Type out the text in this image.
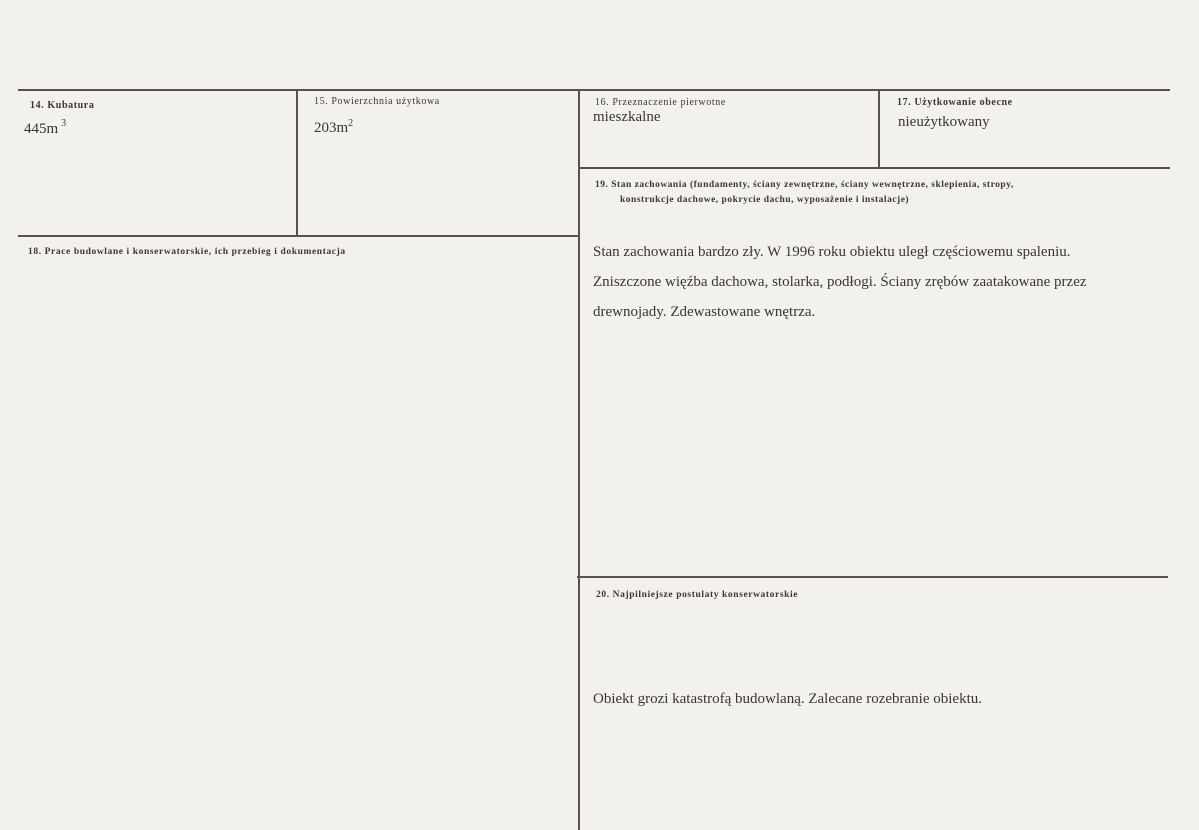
14. Kubatura
445m $^3$
15. Powierzchnia użytkowa
$203m^2$
16. Przeznaczenie pierwotne
mieszkalne
17. Użytkowanie obecne
nieużytkowany
18. Prace budowlane i konserwatorskie, ich przebieg i dokumentacja
19. Stan zachowania (fundamenty, ściany zewnętrzne, ściany wewnętrzne, sklepienia, stropy,
konstrukcje dachowe, pokrycie dachu, wyposażenie i instalacje)
Stan zachowania bardzo zły. W 1996 roku obiektu uległ częściowemu spaleniu.
Zniszczone więźba dachowa, stolarka, podłogi. Ściany zrębów zaatakowane przez
drewnojady. Zdewastowane wnętrza.
20. Najpilniejsze postulaty konserwatorskie
Obiekt grozi katastrofą budowlaną. Zalecane rozebranie obiektu.
